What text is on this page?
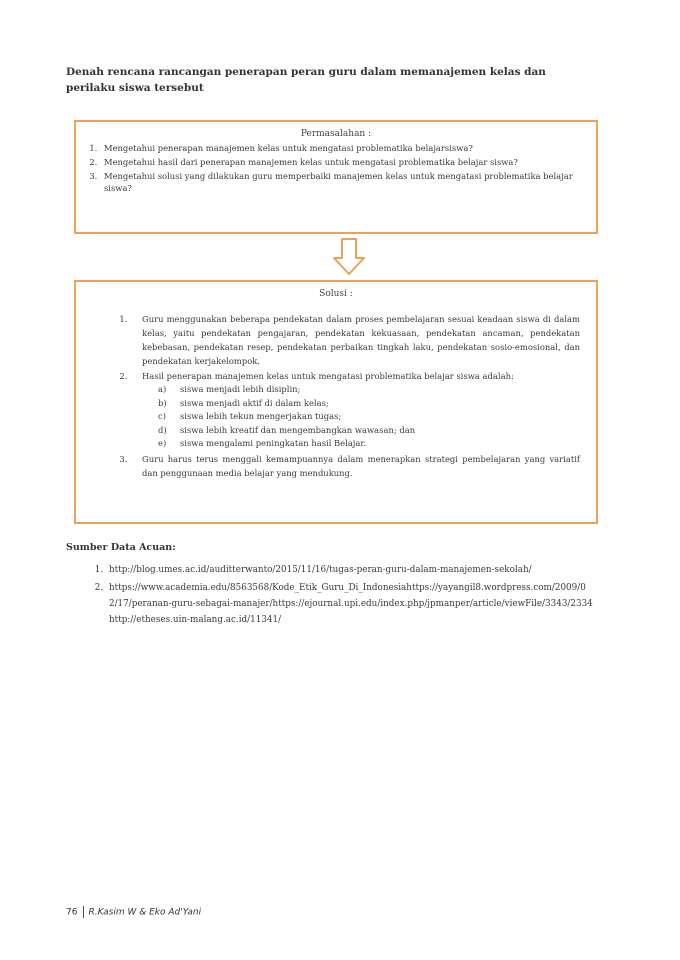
Denah rencana rancangan penerapan peran guru dalam memanajemen kelas dan perilaku siswa tersebut
Permasalahan :
1. Mengetahui penerapan manajemen kelas untuk mengatasi problematika belajarsiswa?
2. Mengetahui hasil dari penerapan manajemen kelas untuk mengatasi problematika belajar siswa?
3. Mengetahui solusi yang dilakukan guru memperbaiki manajemen kelas untuk mengatasi problematika belajar siswa?
Solusi :
1. Guru menggunakan beberapa pendekatan dalam proses pembelajaran sesuai keadaan siswa di dalam kelas, yaitu pendekatan pengajaran, pendekatan kekuasaan, pendekatan ancaman, pendekatan kebebasan, pendekatan resep, pendekatan perbaikan tingkah laku, pendekatan sosio-emosional, dan pendekatan kerjakelompok.
2. Hasil penerapan manajemen kelas untuk mengatasi problematika belajar siswa adalah:
a) siswa menjadi lebih disiplin;
b) siswa menjadi aktif di dalam kelas;
c) siswa lebih tekun mengerjakan tugas;
d) siswa lebih kreatif dan mengembangkan wawasan; dan
e) siswa mengalami peningkatan hasil Belajar.
3. Guru harus terus menggali kemampuannya dalam menerapkan strategi pembelajaran yang variatif dan penggunaan media belajar yang mendukung.
Sumber Data Acuan:
1. http://blog.umes.ac.id/auditterwanto/2015/11/16/tugas-peran-guru-dalam-manajemen-sekolah/
2. https://www.academia.edu/8563568/Kode_Etik_Guru_Di_Indonesiahttps://yayangil8.wordpress.com/2009/02/17/peranan-guru-sebagai-manajer/https://ejournal.upi.edu/index.php/jpmanper/article/viewFile/3343/2334http://etheses.uin-malang.ac.id/11341/
76 R.Kasim W & Eko Ad'Yani
